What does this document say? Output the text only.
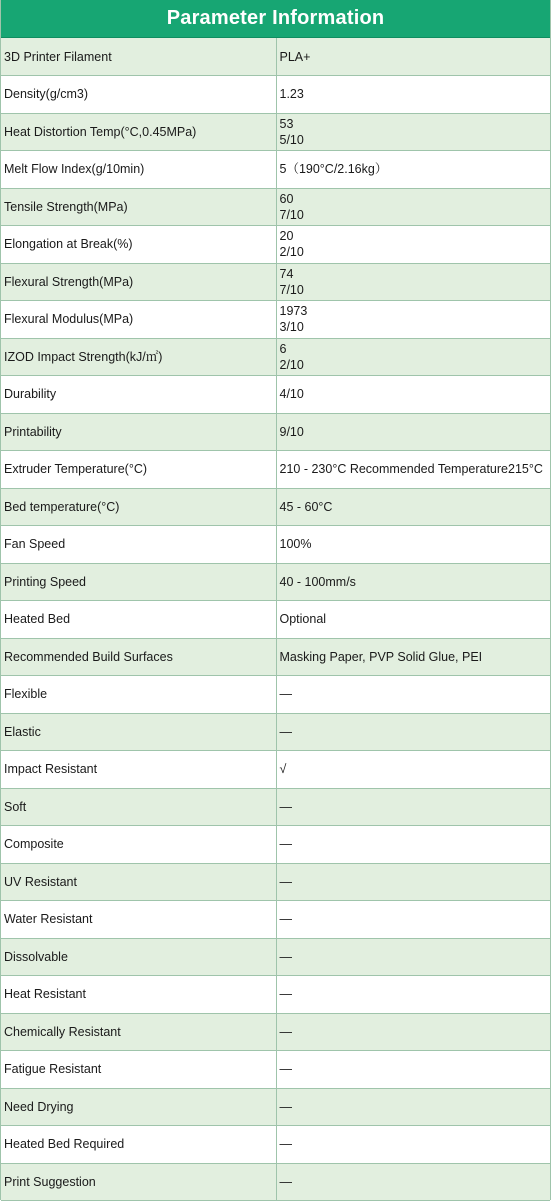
Parameter Information
3D Printer Filament	PLA+

Density(g/cm3)	1.23

Heat Distortion Temp(°C,0.45MPa)	53
5/10

Melt Flow Index(g/10min)	5（190°C/2.16kg）

Tensile Strength(MPa)	60
7/10

Elongation at Break(%)	20
2/10

Flexural Strength(MPa)	74
7/10

Flexural Modulus(MPa)	1973
3/10

IZOD Impact Strength(kJ/㎡)	6
2/10

Durability	4/10

Printability	9/10

Extruder Temperature(°C)	210 - 230°C Recommended Temperature215°C

Bed temperature(°C)	45 - 60°C

Fan Speed	100%

Printing Speed	40 - 100mm/s

Heated Bed	Optional

Recommended Build Surfaces	Masking Paper, PVP Solid Glue, PEI

Flexible	—

Elastic	—

Impact Resistant	√

Soft	—

Composite	—

UV Resistant	—

Water Resistant	—

Dissolvable	—

Heat Resistant	—

Chemically Resistant	—

Fatigue Resistant	—

Need Drying	—

Heated Bed Required	—

Print Suggestion	—
